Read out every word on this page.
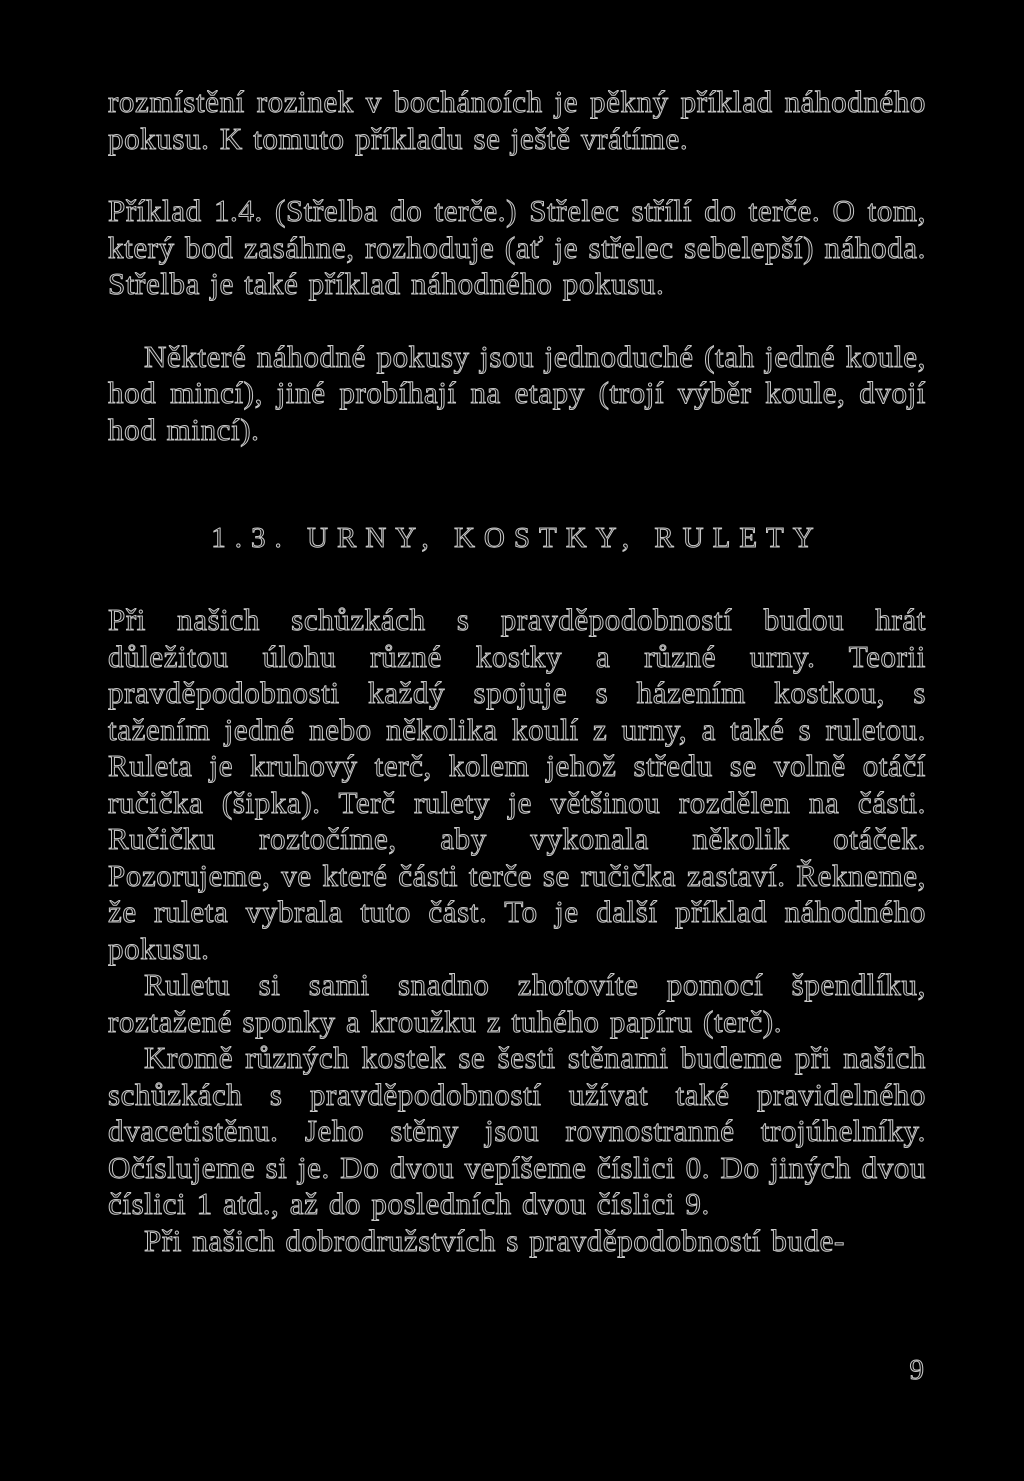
rozmístění rozinek v bochánoích je pěkný příklad náhodného pokusu. K tomuto příkladu se ještě vrátíme.

Příklad 1.4. (Střelba do terče.) Střelec střílí do terče. O tom, který bod zasáhne, rozhoduje (ať je střelec sebelepší) náhoda. Střelba je také příklad náhodného pokusu.

Některé náhodné pokusy jsou jednoduché (tah jedné koule, hod mincí), jiné probíhají na etapy (trojí výběr koule, dvojí hod mincí).

1.3. URNY, KOSTKY, RULETY

Při našich schůzkách s pravděpodobností budou hrát důležitou úlohu různé kostky a různé urny. Teorii pravděpodobnosti každý spojuje s házením kostkou, s tažením jedné nebo několika koulí z urny, a také s ruletou. Ruleta je kruhový terč, kolem jehož středu se volně otáčí ručička (šipka). Terč rulety je většinou rozdělen na části. Ručičku roztočíme, aby vykonala několik otáček. Pozorujeme, ve které části terče se ručička zastaví. Řekneme, že ruleta vybrala tuto část. To je další příklad náhodného pokusu.

Ruletu si sami snadno zhotovíte pomocí špendlíku, roztažené sponky a kroužku z tuhého papíru (terč).

Kromě různých kostek se šesti stěnami budeme při našich schůzkách s pravděpodobností užívat také pravidelného dvacetistěnu. Jeho stěny jsou rovnostranné trojúhelníky. Očíslujeme si je. Do dvou vepíšeme číslici 0. Do jiných dvou číslici 1 atd., až do posledních dvou číslici 9.

Při našich dobrodružstvích s pravděpodobností bude-

9
